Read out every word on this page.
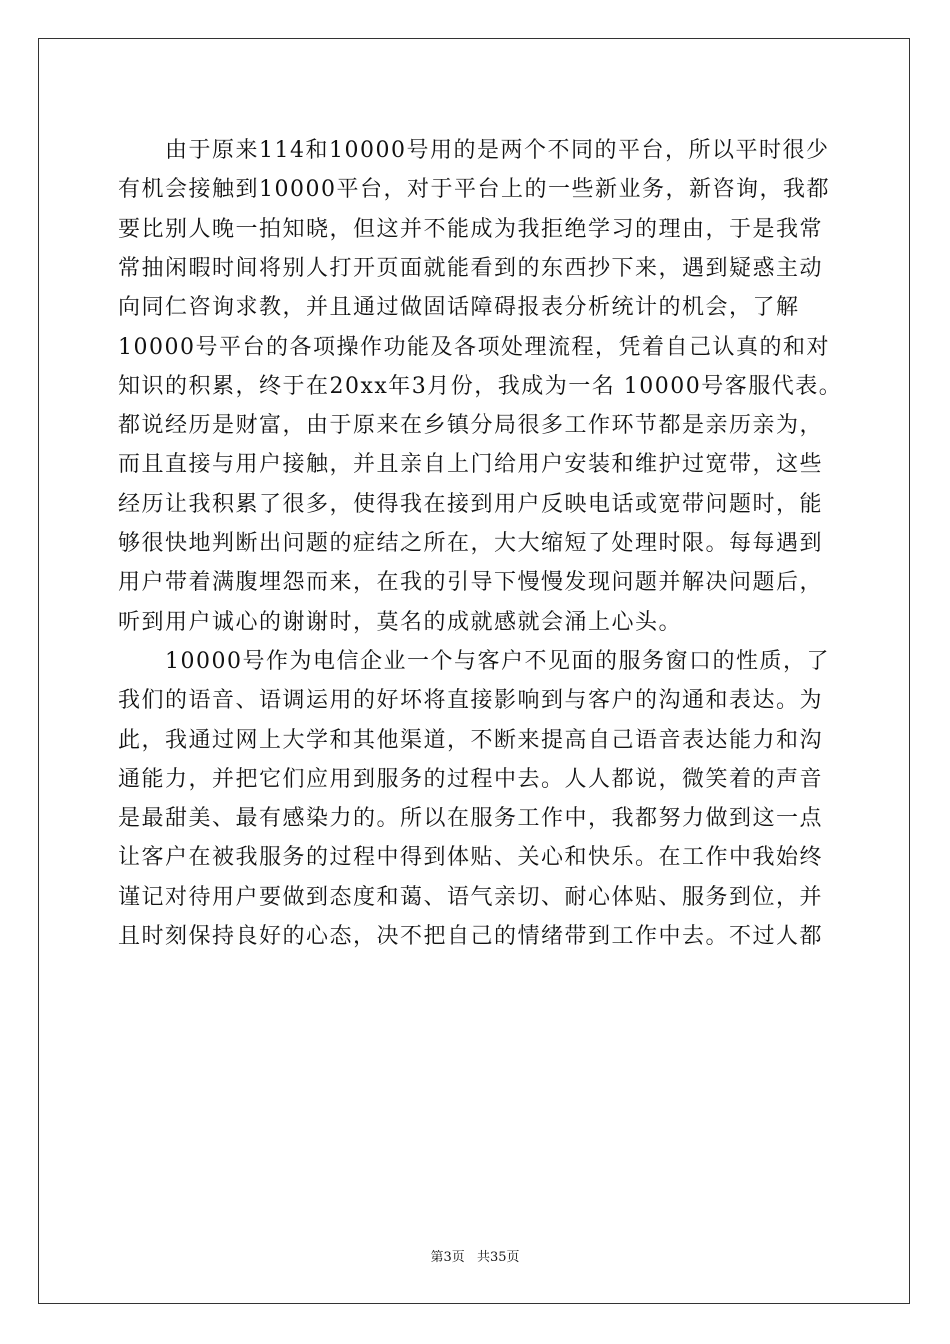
　　由于原来114和10000号用的是两个不同的平台，所以平时很少
有机会接触到10000平台，对于平台上的一些新业务，新咨询，我都
要比别人晚一拍知晓，但这并不能成为我拒绝学习的理由，于是我常
常抽闲暇时间将别人打开页面就能看到的东西抄下来，遇到疑惑主动
向同仁咨询求教，并且通过做固话障碍报表分析统计的机会，了解
10000号平台的各项操作功能及各项处理流程，凭着自己认真的和对
知识的积累，终于在20xx年3月份，我成为一名 10000号客服代表。
都说经历是财富，由于原来在乡镇分局很多工作环节都是亲历亲为，
而且直接与用户接触，并且亲自上门给用户安装和维护过宽带，这些
经历让我积累了很多，使得我在接到用户反映电话或宽带问题时，能
够很快地判断出问题的症结之所在，大大缩短了处理时限。每每遇到
用户带着满腹埋怨而来，在我的引导下慢慢发现问题并解决问题后，
听到用户诚心的谢谢时，莫名的成就感就会涌上心头。
　　10000号作为电信企业一个与客户不见面的服务窗口的性质，了
我们的语音、语调运用的好坏将直接影响到与客户的沟通和表达。为
此，我通过网上大学和其他渠道，不断来提高自己语音表达能力和沟
通能力，并把它们应用到服务的过程中去。人人都说，微笑着的声音
是最甜美、最有感染力的。所以在服务工作中，我都努力做到这一点
让客户在被我服务的过程中得到体贴、关心和快乐。在工作中我始终
谨记对待用户要做到态度和蔼、语气亲切、耐心体贴、服务到位，并
且时刻保持良好的心态，决不把自己的情绪带到工作中去。不过人都
第3页 共35页
